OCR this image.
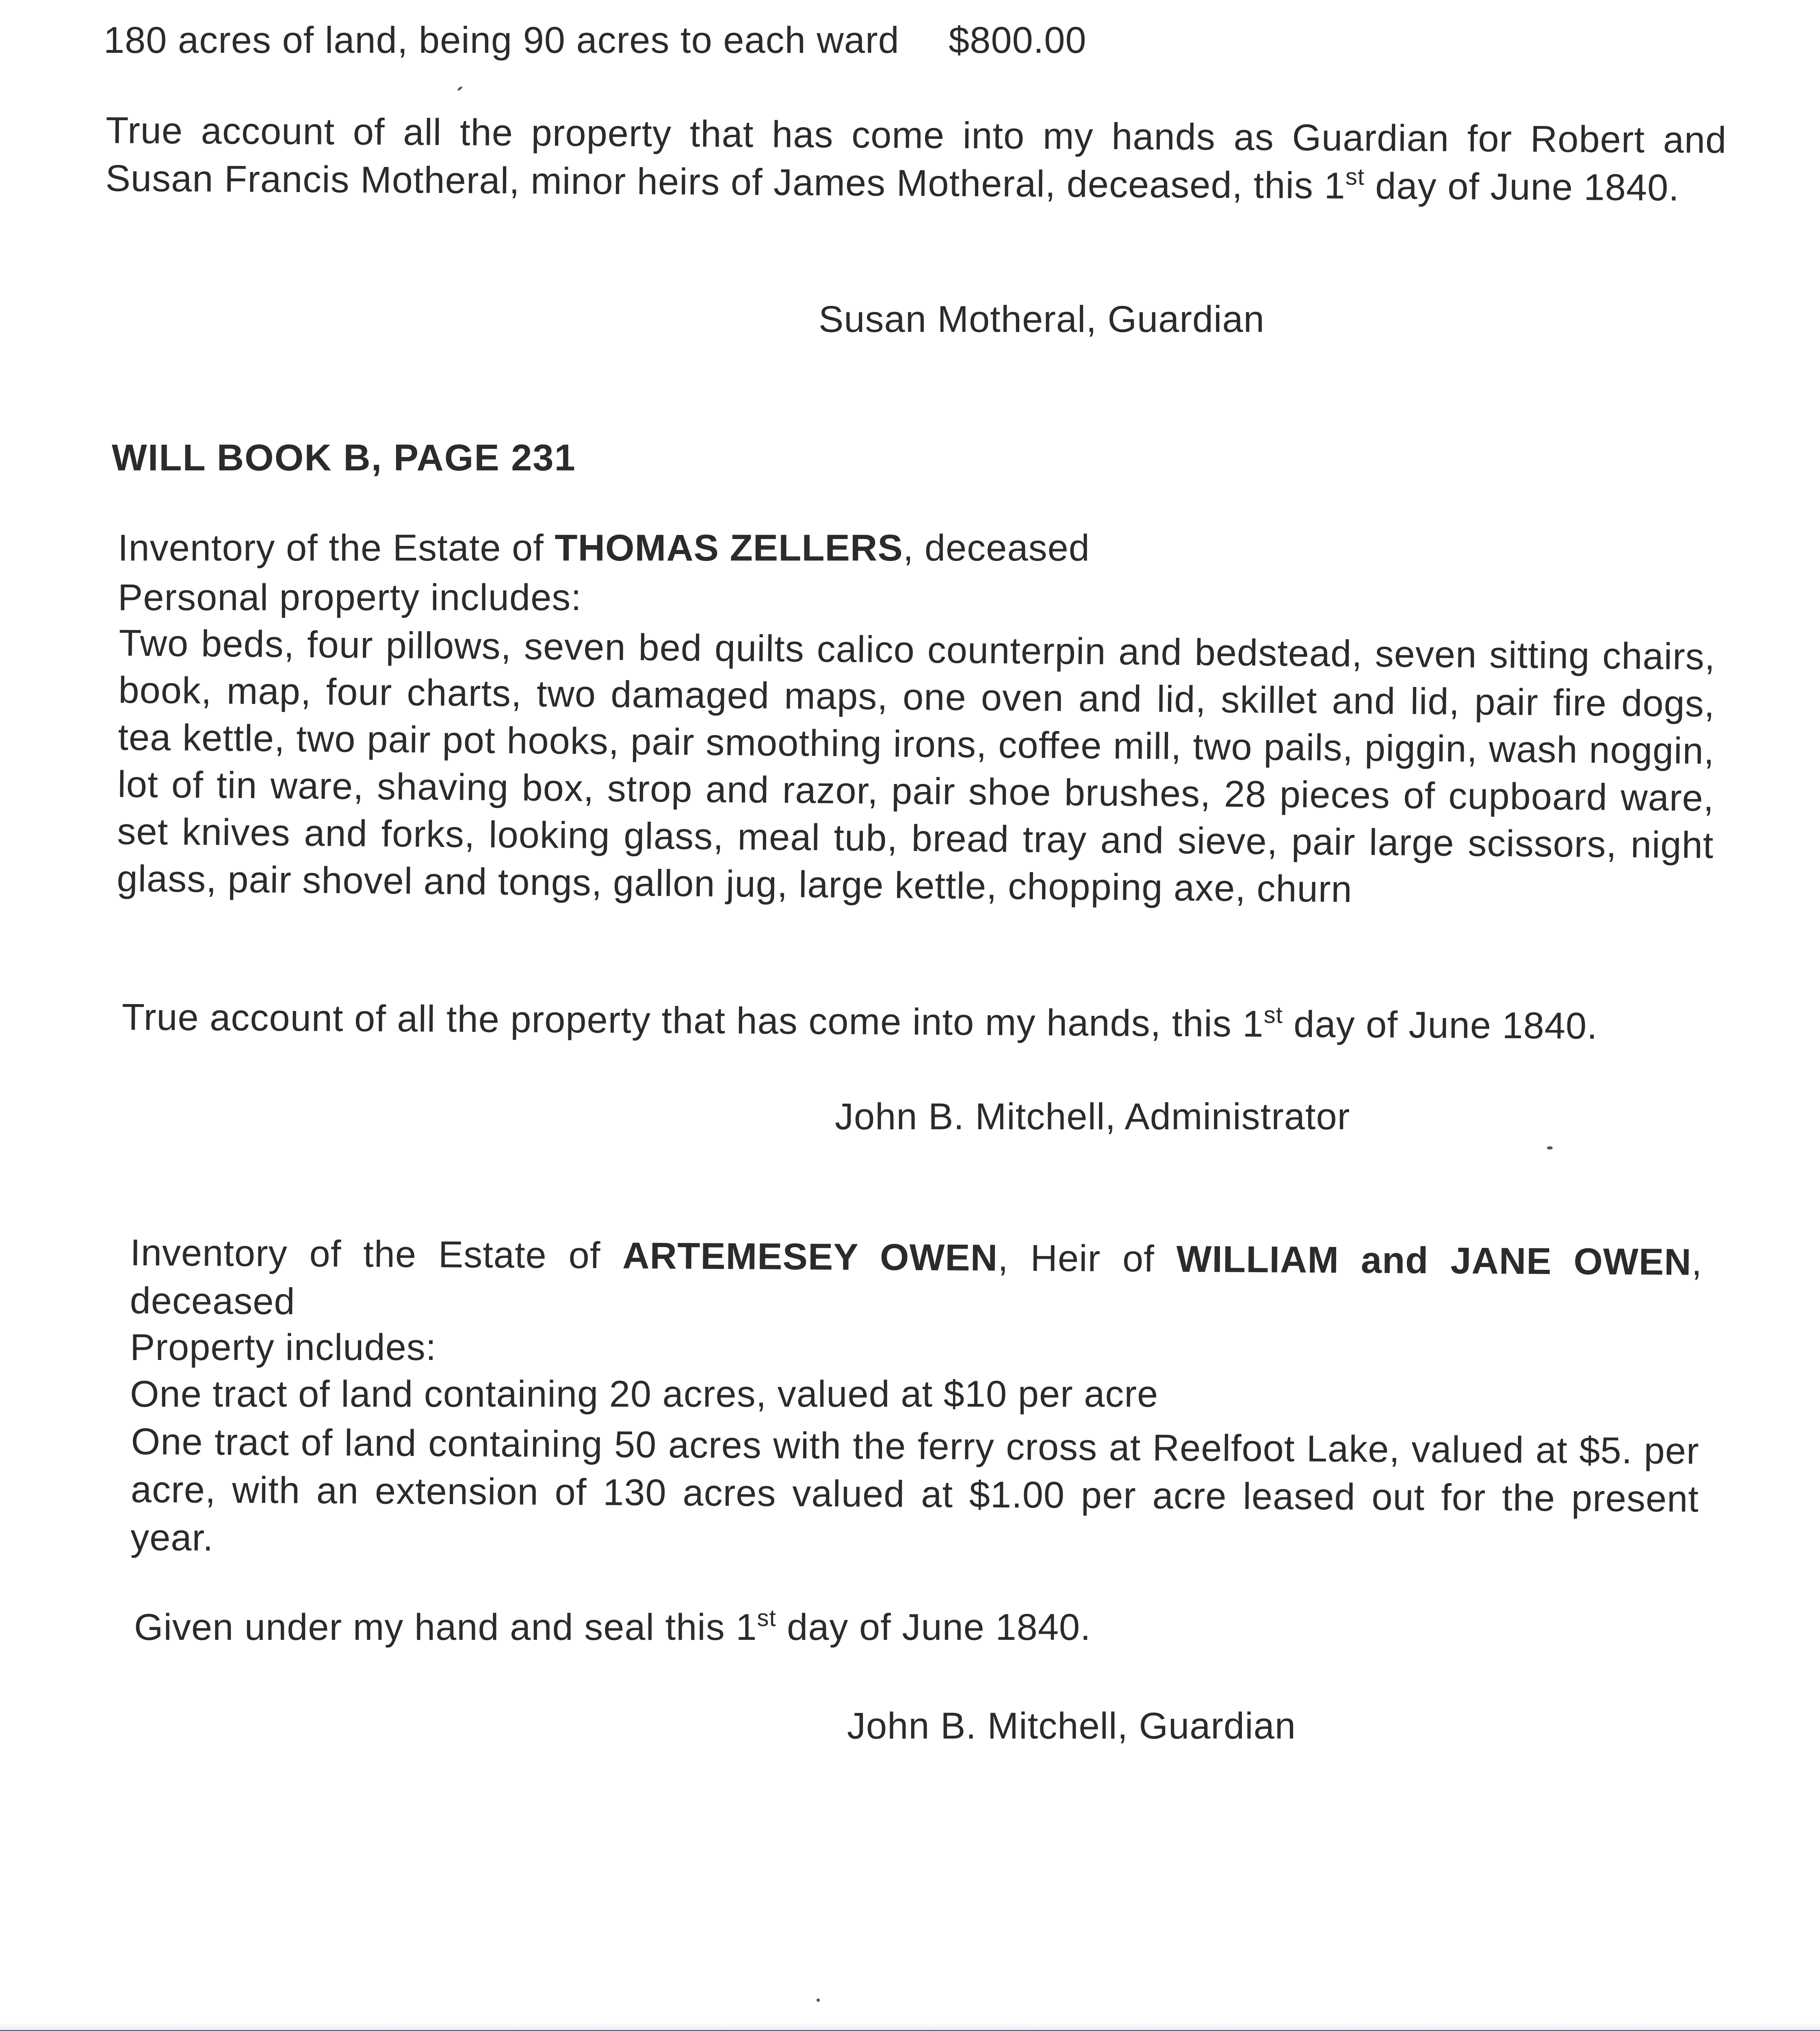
180 acres of land, being 90 acres to each ward $800.00

True account of all the property that has come into my hands as Guardian for Robert and Susan Francis Motheral, minor heirs of James Motheral, deceased, this 1st day of June 1840.

Susan Motheral, Guardian
WILL BOOK B, PAGE 231
Inventory of the Estate of THOMAS ZELLERS, deceased
Personal property includes:

Two beds, four pillows, seven bed quilts calico counterpin and bedstead, seven sitting chairs, book, map, four charts, two damaged maps, one oven and lid, skillet and lid, pair fire dogs, tea kettle, two pair pot hooks, pair smoothing irons, coffee mill, two pails, piggin, wash noggin, lot of tin ware, shaving box, strop and razor, pair shoe brushes, 28 pieces of cupboard ware, set knives and forks, looking glass, meal tub, bread tray and sieve, pair large scissors, night glass, pair shovel and tongs, gallon jug, large kettle, chopping axe, churn

True account of all the property that has come into my hands, this 1st day of June 1840.
John B. Mitchell, Administrator

Inventory of the Estate of ARTEMESEY OWEN, Heir of WILLIAM and JANE OWEN, deceased

Property includes:
One tract of land containing 20 acres, valued at $10 per acre

One tract of land containing 50 acres with the ferry cross at Reelfoot Lake, valued at $5. per acre, with an extension of 130 acres valued at $1.00 per acre leased out for the present year.

Given under my hand and seal this 1st day of June 1840.
John B. Mitchell, Guardian
